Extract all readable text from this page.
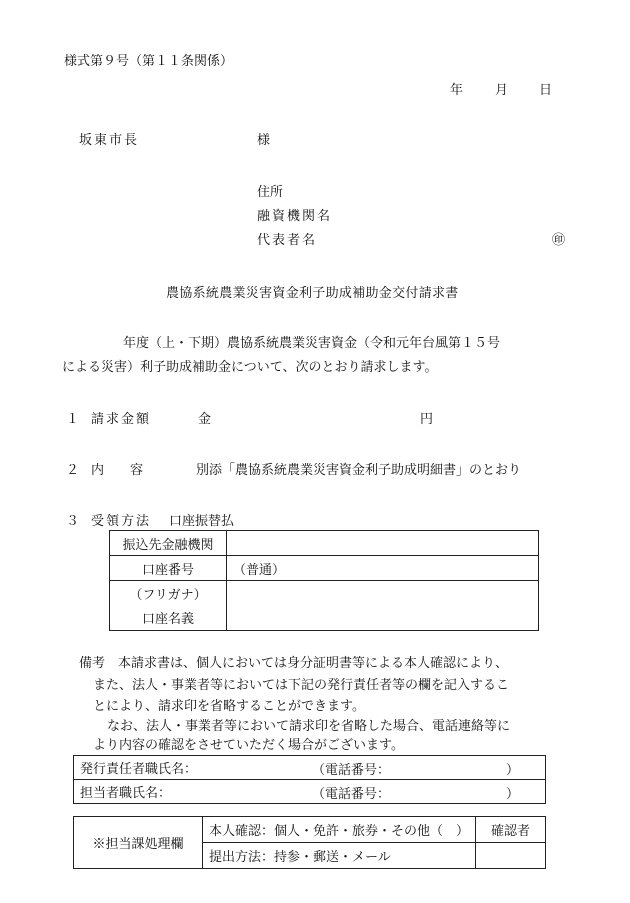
様式第９号（第１１条関係）
年 月 日
坂東市長	様
住所
融資機関名
代表者名	㊞
農協系統農業災害資金利子助成補助金交付請求書
年度（上・下期）農協系統農業災害資金（令和元年台風第１５号
による災害）利子助成補助金について、次のとおり請求します。
１ 請求金額	金	円
２ 内　　容	別添「農協系統農業災害資金利子助成明細書」のとおり
３ 受領方法 口座振替払
振込先金融機関	
口座番号	（普通）
（フリガナ）	
口座名義	
備考　 本請求書は、個人においては身分証明書等による本人確認により、
また、法人・事業者等においては下記の発行責任者等の欄を記入するこ
とにより、請求印を省略することができます。
なお、法人・事業者等において請求印を省略した場合、電話連絡等に
より内容の確認をさせていただく場合がございます。
発行責任者職氏名：	（電話番号：	）

担当者職氏名：	（電話番号：	）
※担当課処理欄	本人確認：個人・免許・旅券・その他（　）	確認者
	提出方法：持参・郵送・メール	
